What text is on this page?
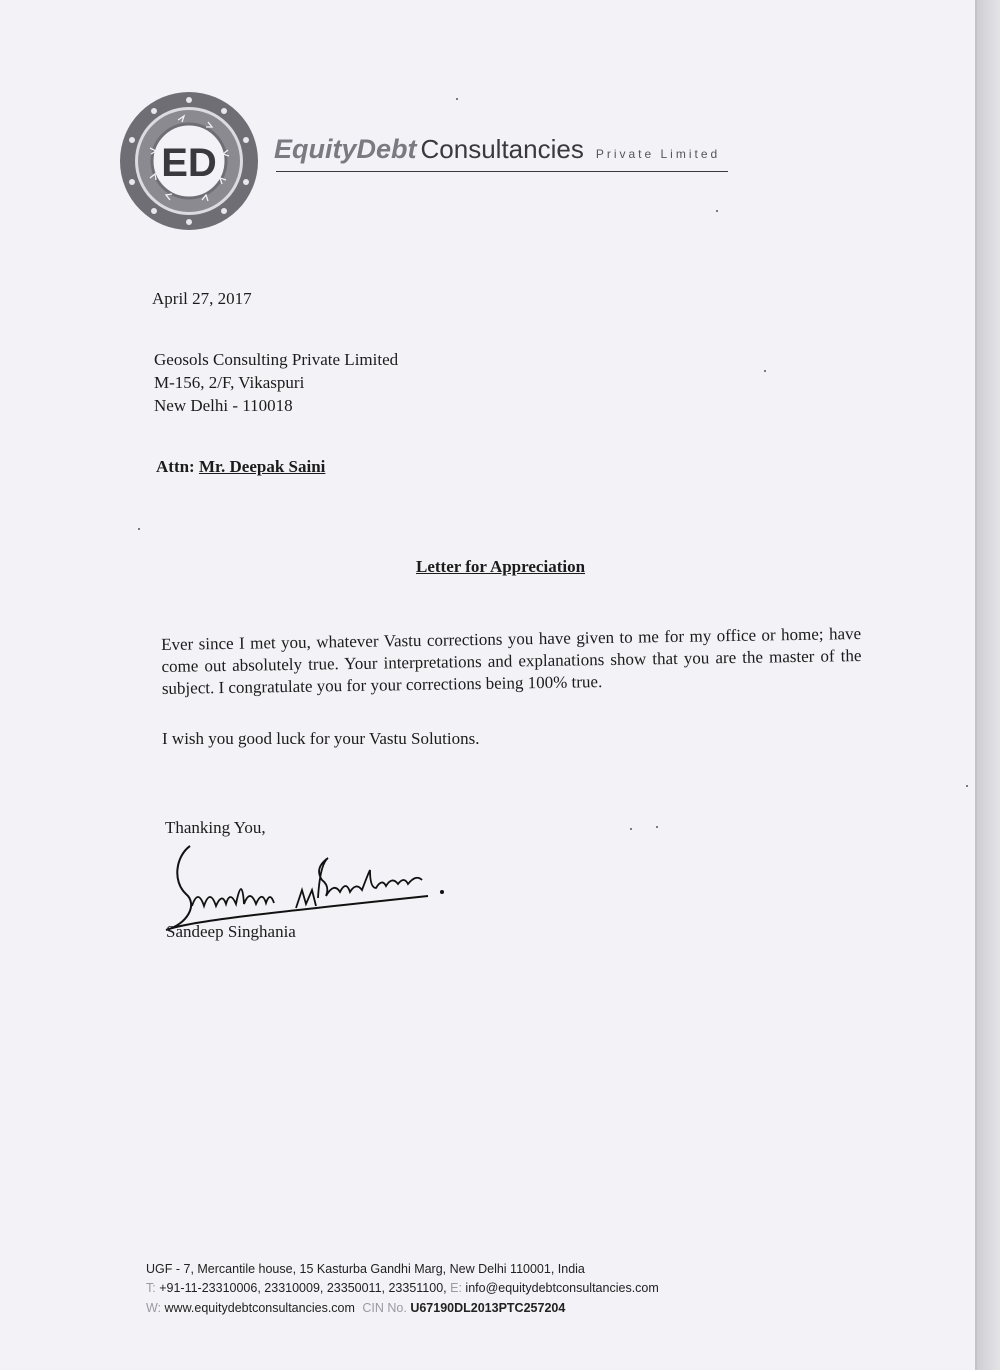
ED EquityDebt Consultancies Private Limited
April 27, 2017
Geosols Consulting Private Limited
M-156, 2/F, Vikaspuri
New Delhi - 110018
Attn: Mr. Deepak Saini
Letter for Appreciation
Ever since I met you, whatever Vastu corrections you have given to me for my office or home; have come out absolutely true. Your interpretations and explanations show that you are the master of the subject. I congratulate you for your corrections being 100% true.
I wish you good luck for your Vastu Solutions.
Thanking You,
Sandeep Singhania
UGF - 7, Mercantile house, 15 Kasturba Gandhi Marg, New Delhi 110001, India
T: +91-11-23310006, 23310009, 23350011, 23351100, E: info@equitydebtconsultancies.com
W: www.equitydebtconsultancies.com CIN No. U67190DL2013PTC257204
